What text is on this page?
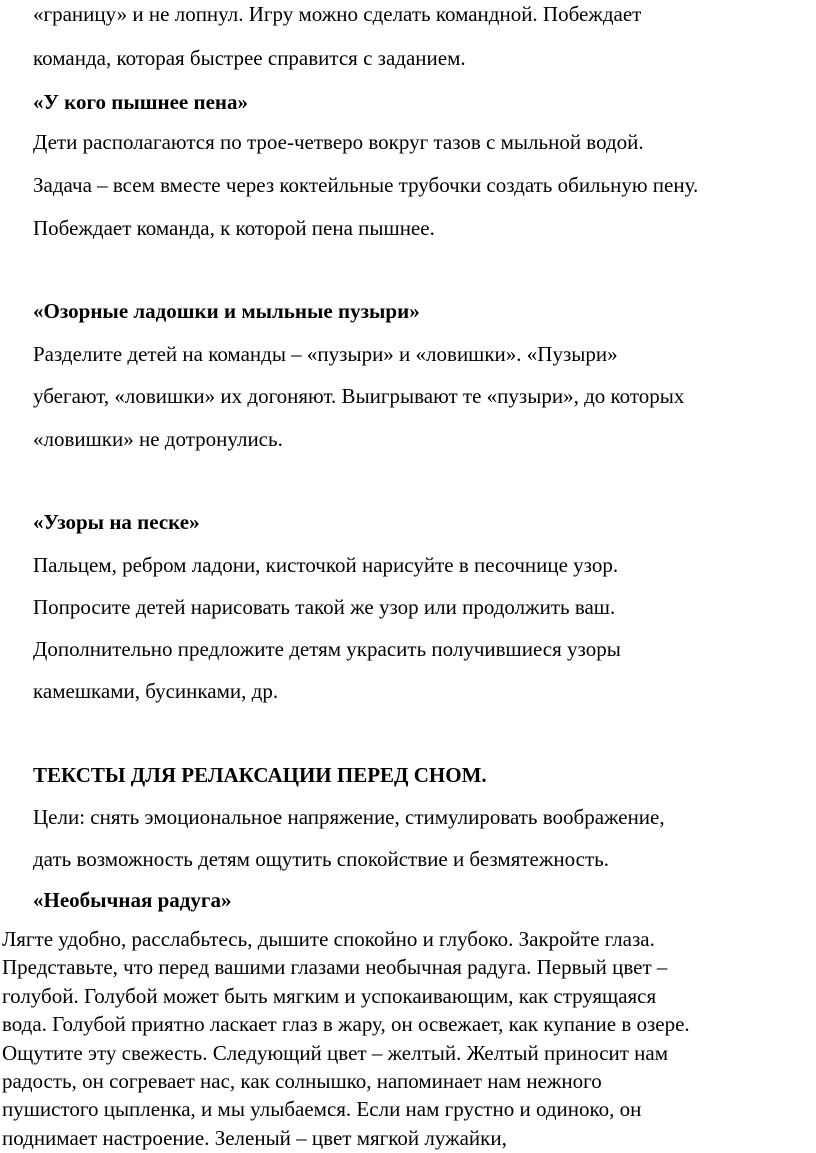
«границу» и не лопнул. Игру можно сделать командной. Побеждает
команда, которая быстрее справится с заданием.
«У кого пышнее пена»
Дети располагаются по трое-четверо вокруг тазов с мыльной водой.
Задача – всем вместе через коктейльные трубочки создать обильную пену.
Побеждает команда, к которой пена пышнее.
«Озорные ладошки и мыльные пузыри»
Разделите детей на команды – «пузыри» и «ловишки». «Пузыри»
убегают, «ловишки» их догоняют. Выигрывают те «пузыри», до которых
«ловишки» не дотронулись.
«Узоры на песке»
Пальцем, ребром ладони, кисточкой нарисуйте в песочнице узор.
Попросите детей нарисовать такой же узор или продолжить ваш.
Дополнительно предложите детям украсить получившиеся узоры
камешками, бусинками, др.
ТЕКСТЫ ДЛЯ РЕЛАКСАЦИИ ПЕРЕД СНОМ.
Цели: снять эмоциональное напряжение, стимулировать воображение,
дать возможность детям ощутить спокойствие и безмятежность.
«Необычная радуга»
Лягте удобно, расслабьтесь, дышите спокойно и глубоко. Закройте глаза.
Представьте, что перед вашими глазами необычная радуга. Первый цвет –
голубой. Голубой может быть мягким и успокаивающим, как струящаяся
вода. Голубой приятно ласкает глаз в жару, он освежает, как купание в озере.
Ощутите эту свежесть. Следующий цвет – желтый. Желтый приносит нам
радость, он согревает нас, как солнышко, напоминает нам нежного
пушистого цыпленка, и мы улыбаемся. Если нам грустно и одиноко, он
поднимает настроение. Зеленый – цвет мягкой лужайки,
